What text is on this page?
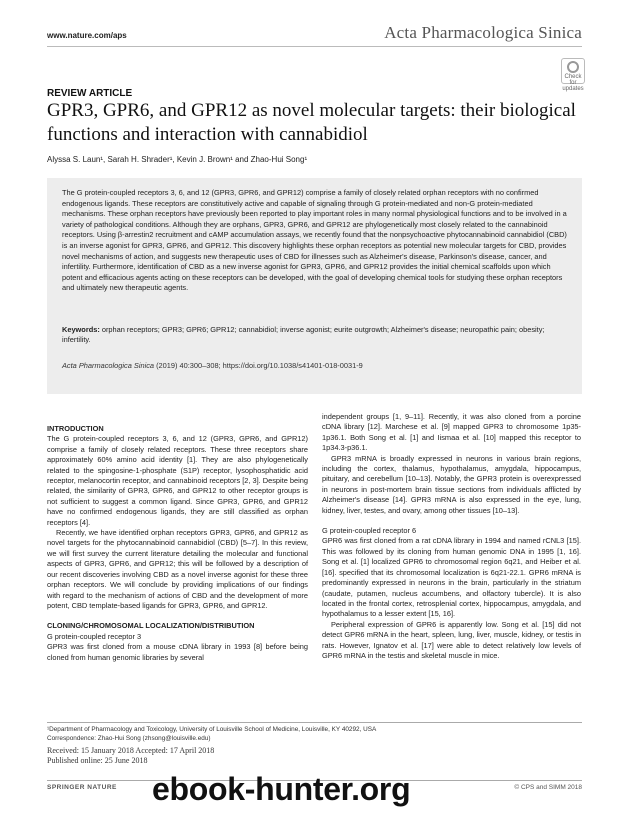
www.nature.com/aps	Acta Pharmacologica Sinica
Check for updates
REVIEW ARTICLE
GPR3, GPR6, and GPR12 as novel molecular targets: their biological functions and interaction with cannabidiol
Alyssa S. Laun¹, Sarah H. Shrader¹, Kevin J. Brown¹ and Zhao-Hui Song¹

The G protein-coupled receptors 3, 6, and 12 (GPR3, GPR6, and GPR12) comprise a family of closely related orphan receptors with no confirmed endogenous ligands. These receptors are constitutively active and capable of signaling through G protein-mediated and non-G protein-mediated mechanisms. These orphan receptors have previously been reported to play important roles in many normal physiological functions and to be involved in a variety of pathological conditions. Although they are orphans, GPR3, GPR6, and GPR12 are phylogenetically most closely related to the cannabinoid receptors. Using β-arrestin2 recruitment and cAMP accumulation assays, we recently found that the nonpsychoactive phytocannabinoid cannabidiol (CBD) is an inverse agonist for GPR3, GPR6, and GPR12. This discovery highlights these orphan receptors as potential new molecular targets for CBD, provides novel mechanisms of action, and suggests new therapeutic uses of CBD for illnesses such as Alzheimer's disease, Parkinson's disease, cancer, and infertility. Furthermore, identification of CBD as a new inverse agonist for GPR3, GPR6, and GPR12 provides the initial chemical scaffolds upon which potent and efficacious agents acting on these receptors can be developed, with the goal of developing chemical tools for studying these orphan receptors and ultimately new therapeutic agents.

Keywords: orphan receptors; GPR3; GPR6; GPR12; cannabidiol; inverse agonist; eurite outgrowth; Alzheimer's disease; neuropathic pain; obesity; infertility.

Acta Pharmacologica Sinica (2019) 40:300–308; https://doi.org/10.1038/s41401-018-0031-9

INTRODUCTION

The G protein-coupled receptors 3, 6, and 12 (GPR3, GPR6, and GPR12) comprise a family of closely related receptors. These three receptors share approximately 60% amino acid identity [1]. They are also phylogenetically related to the spingosine-1-phosphate (S1P) receptor, lysophosphatidic acid receptor, melanocortin receptor, and cannabinoid receptors [2, 3]. Despite being related, the similarity of GPR3, GPR6, and GPR12 to other receptor groups is not sufficient to suggest a common ligand. Since GPR3, GPR6, and GPR12 have no confirmed endogenous ligands, they are still classified as orphan receptors [4].

Recently, we have identified orphan receptors GPR3, GPR6, and GPR12 as novel targets for the phytocannabinoid cannabidiol (CBD) [5–7]. In this review, we will first survey the current literature detailing the molecular and functional aspects of GPR3, GPR6, and GPR12; this will be followed by a description of our recent discoveries involving CBD as a novel inverse agonist for these three orphan receptors. We will conclude by providing implications of our findings with regard to the mechanism of actions of CBD and the development of more potent, CBD template-based ligands for GPR3, GPR6, and GPR12.

CLONING/CHROMOSOMAL LOCALIZATION/DISTRIBUTION

G protein-coupled receptor 3

GPR3 was first cloned from a mouse cDNA library in 1993 [8] before being cloned from human genomic libraries by several

independent groups [1, 9–11]. Recently, it was also cloned from a porcine cDNA library [12]. Marchese et al. [9] mapped GPR3 to chromosome 1p35-1p36.1. Both Song et al. [1] and Iismaa et al. [10] mapped this receptor to 1p34.3-p36.1.

GPR3 mRNA is broadly expressed in neurons in various brain regions, including the cortex, thalamus, hypothalamus, amygdala, hippocampus, pituitary, and cerebellum [10–13]. Notably, the GPR3 protein is overexpressed in neurons in post-mortem brain tissue sections from individuals afflicted by Alzheimer's disease [14]. GPR3 mRNA is also expressed in the eye, lung, kidney, liver, testes, and ovary, among other tissues [10–13].

G protein-coupled receptor 6

GPR6 was first cloned from a rat cDNA library in 1994 and named rCNL3 [15]. This was followed by its cloning from human genomic DNA in 1995 [1, 16]. Song et al. [1] localized GPR6 to chromosomal region 6q21, and Heiber et al. [16]. specified that its chromosomal localization is 6q21-22.1. GPR6 mRNA is predominantly expressed in neurons in the brain, particularly in the striatum (caudate, putamen, nucleus accumbens, and olfactory tubercle). It is also located in the frontal cortex, retrosplenial cortex, hippocampus, amygdala, and hypothalamus to a lesser extent [15, 16].

Peripheral expression of GPR6 is apparently low. Song et al. [15] did not detect GPR6 mRNA in the heart, spleen, lung, liver, muscle, kidney, or testis in rats. However, Ignatov et al. [17] were able to detect relatively low levels of GPR6 mRNA in the testis and skeletal muscle in mice.

¹Department of Pharmacology and Toxicology, University of Louisville School of Medicine, Louisville, KY 40292, USA
Correspondence: Zhao-Hui Song (zhsong@louisville.edu)

Received: 15 January 2018 Accepted: 17 April 2018

Published online: 25 June 2018

SPRINGER NATURE	© CPS and SIMM 2018
ebook-hunter.org
